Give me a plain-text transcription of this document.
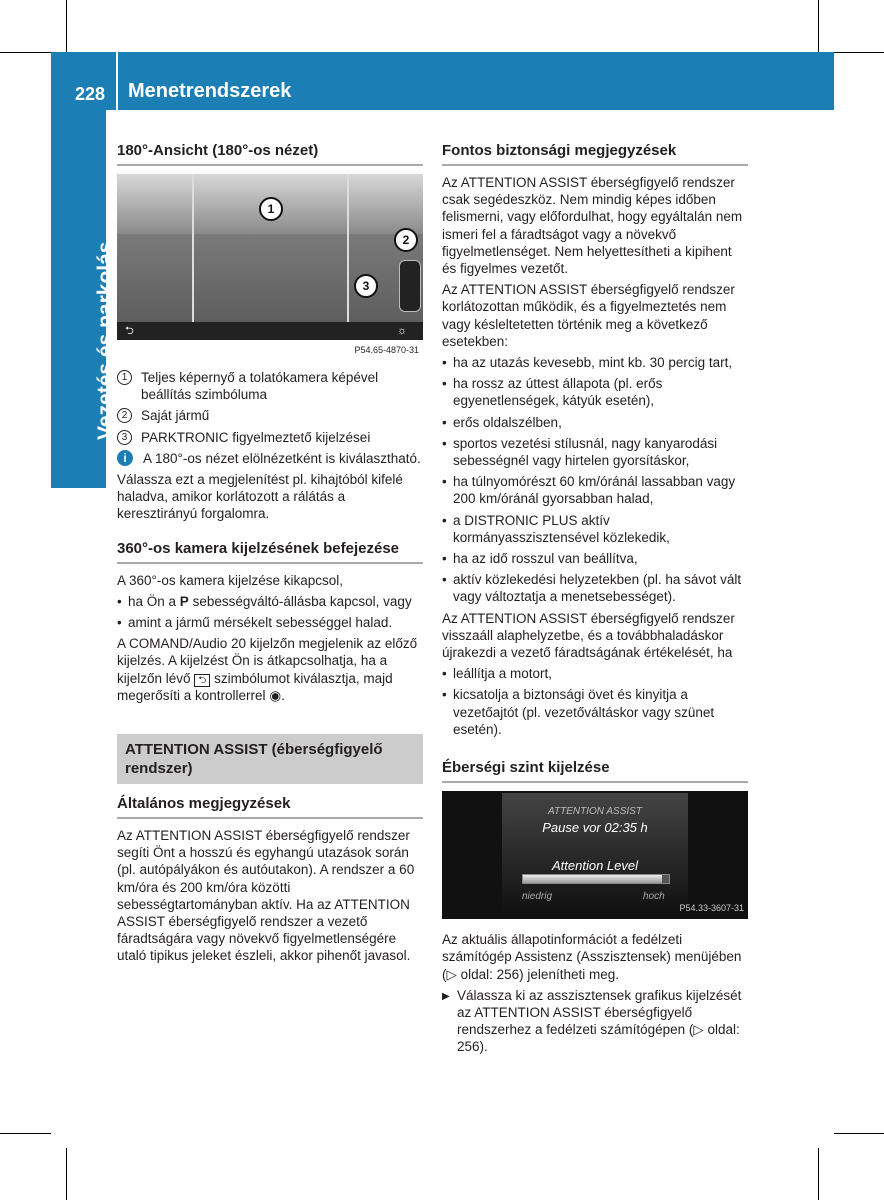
228 Menetrendszerek
Vezetés és parkolás
180°-Ansicht (180°-os nézet)
⮌	☼
1
2
3
P54.65-4870-31

1	Teljes képernyő a tolatókamera képével beállítás szimbóluma

2	Saját jármű

3	PARKTRONIC figyelmeztető kijelzései

i	A 180°-os nézet elölnézetként is kiválasztható.

Válassza ezt a megjelenítést pl. kihajtóból kifelé haladva, amikor korlátozott a rálátás a keresztirányú forgalomra.

360°-os kamera kijelzésének befejezése

A 360°-os kamera kijelzése kikapcsol,

• ha Ön a P sebességváltó-állásba kapcsol, vagy

• amint a jármű mérsékelt sebességgel halad.

A COMAND/Audio 20 kijelzőn megjelenik az előző kijelzés. A kijelzést Ön is átkapcsolhatja, ha a kijelzőn lévő ⮌ szimbólumot kiválasztja, majd megerősíti a kontrollerrel ◉.

ATTENTION ASSIST (éberségfigyelő rendszer)
Általános megjegyzések

Az ATTENTION ASSIST éberségfigyelő rendszer segíti Önt a hosszú és egyhangú utazások során (pl. autópályákon és autóutakon). A rendszer a 60 km/óra és 200 km/óra közötti sebességtartományban aktív. Ha az ATTENTION ASSIST éberségfigyelő rendszer a vezető fáradtságára vagy növekvő figyelmetlenségére utaló tipikus jeleket észleli, akkor pihenőt javasol.

Fontos biztonsági megjegyzések

Az ATTENTION ASSIST éberségfigyelő rendszer csak segédeszköz. Nem mindig képes időben felismerni, vagy előfordulhat, hogy egyáltalán nem ismeri fel a fáradtságot vagy a növekvő figyelmetlenséget. Nem helyettesítheti a kipihent és figyelmes vezetőt.

Az ATTENTION ASSIST éberségfigyelő rendszer korlátozottan működik, és a figyelmeztetés nem vagy késleltetetten történik meg a következő esetekben:

• ha az utazás kevesebb, mint kb. 30 percig tart,

• ha rossz az úttest állapota (pl. erős egyenetlenségek, kátyúk esetén),

• erős oldalszélben,

• sportos vezetési stílusnál, nagy kanyarodási sebességnél vagy hirtelen gyorsításkor,

• ha túlnyomórészt 60 km/óránál lassabban vagy 200 km/óránál gyorsabban halad,

• a DISTRONIC PLUS aktív kormányasszisztensével közlekedik,

• ha az idő rosszul van beállítva,

• aktív közlekedési helyzetekben (pl. ha sávot vált vagy változtatja a menetsebességet).

Az ATTENTION ASSIST éberségfigyelő rendszer visszaáll alaphelyzetbe, és a továbbhaladáskor újrakezdi a vezető fáradtságának értékelését, ha

• leállítja a motort,

• kicsatolja a biztonsági övet és kinyitja a vezetőajtót (pl. vezetőváltáskor vagy szünet esetén).

Éberségi szint kijelzése
ATTENTION ASSIST
Pause vor 02:35 h
Attention Level
niedrig	hoch
P54.33-3607-31

Az aktuális állapotinformációt a fedélzeti számítógép Assistenz (Asszisztensek) menüjében (▷ oldal: 256) jelenítheti meg.

▶ Válassza ki az asszisztensek grafikus kijelzését az ATTENTION ASSIST éberségfigyelő rendszerhez a fedélzeti számítógépen (▷ oldal: 256).
